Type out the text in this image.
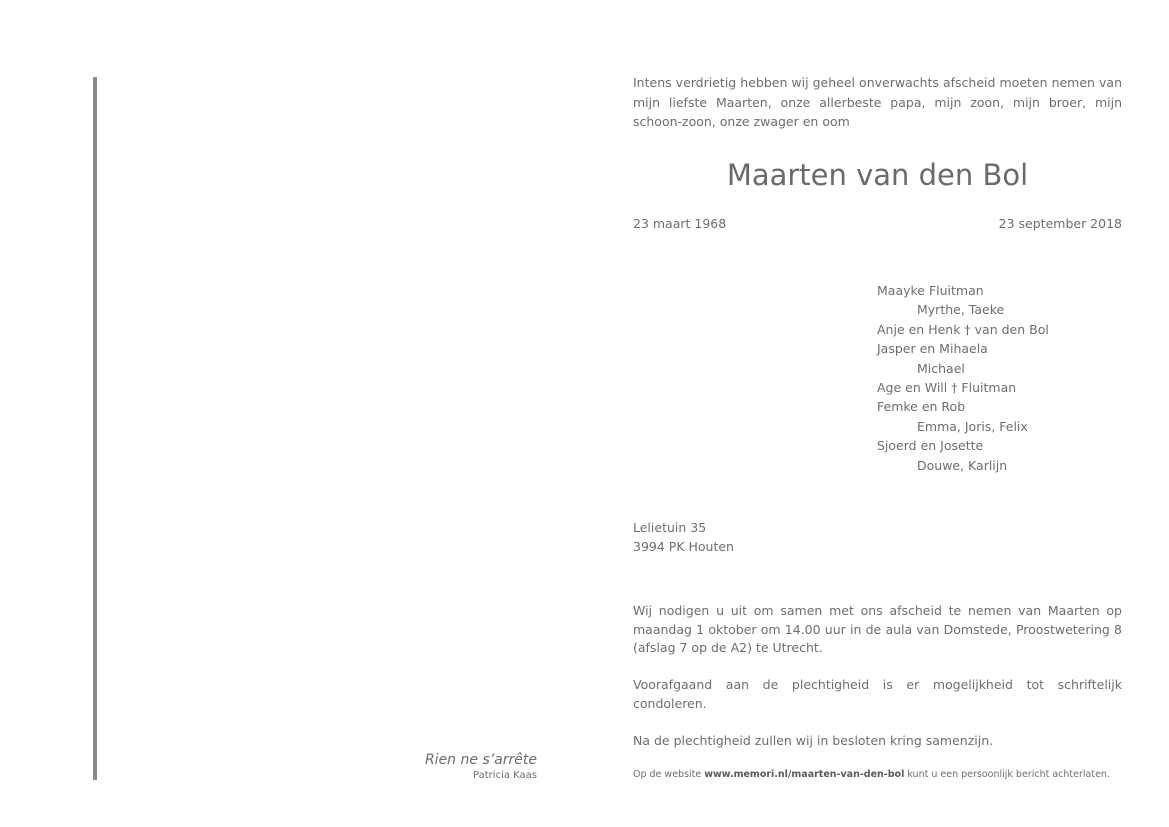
Rien ne s’arrête
Patricia Kaas
Intens verdrietig hebben wij geheel onverwachts afscheid moeten nemen van mijn liefste Maarten, onze allerbeste papa, mijn zoon, mijn broer, mijn schoon-zoon, onze zwager en oom
Maarten van den Bol
23 maart 1968	23 september 2018
Maayke Fluitman
Myrthe, Taeke
Anje en Henk † van den Bol
Jasper en Mihaela
Michael
Age en Will † Fluitman
Femke en Rob
Emma, Joris, Felix
Sjoerd en Josette
Douwe, Karlijn
Lelietuin 35
3994 PK Houten

Wij nodigen u uit om samen met ons afscheid te nemen van Maarten op maandag 1 oktober om 14.00 uur in de aula van Domstede, Proostwetering 8 (afslag 7 op de A2) te Utrecht.

Voorafgaand aan de plechtigheid is er mogelijkheid tot schriftelijk condoleren.

Na de plechtigheid zullen wij in besloten kring samenzijn.

Op de website www.memori.nl/maarten-van-den-bol kunt u een persoonlijk bericht achterlaten.
